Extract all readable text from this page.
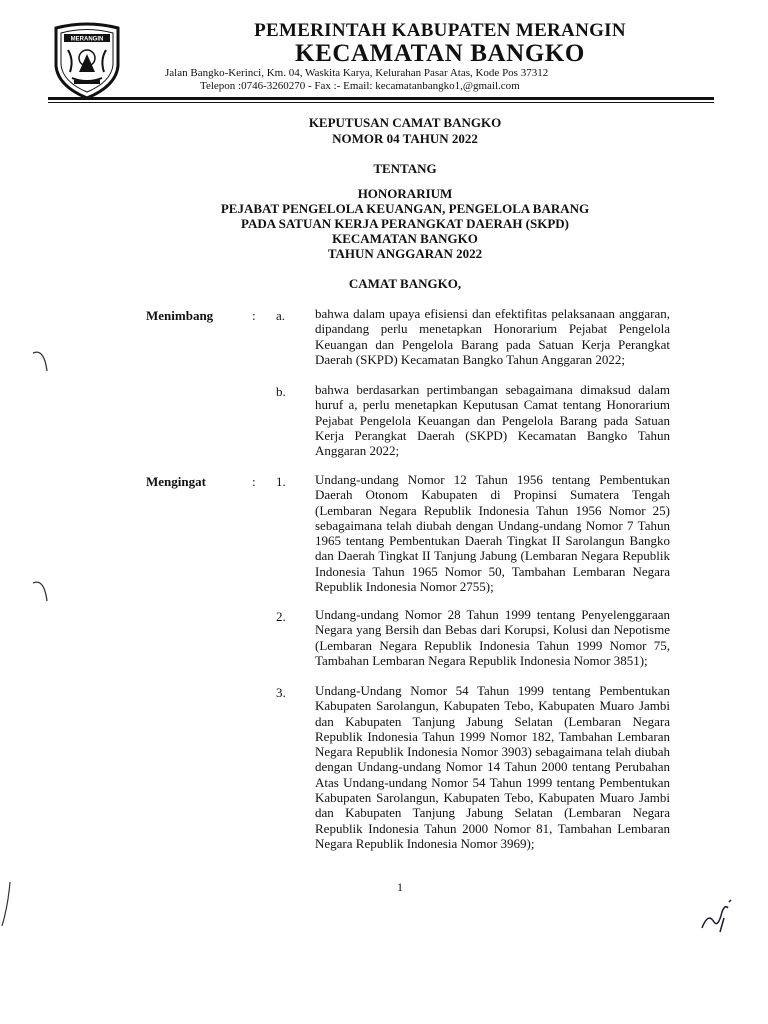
MERANGIN	PEMERINTAH KABUPATEN MERANGIN
KECAMATAN BANGKO
Jalan Bangko-Kerinci, Km. 04, Waskita Karya, Kelurahan Pasar Atas, Kode Pos 37312
Telepon :0746-3260270 - Fax :- Email: kecamatanbangko1,@gmail.com
KEPUTUSAN CAMAT BANGKO
NOMOR 04 TAHUN 2022
TENTANG
HONORARIUM
PEJABAT PENGELOLA KEUANGAN, PENGELOLA BARANG
PADA SATUAN KERJA PERANGKAT DAERAH (SKPD)
KECAMATAN BANGKO
TAHUN ANGGARAN 2022
CAMAT BANGKO,
Menimbang	: a. bahwa dalam upaya efisiensi dan efektifitas pelaksanaan anggaran, dipandang perlu menetapkan Honorarium Pejabat Pengelola Keuangan dan Pengelola Barang pada Satuan Kerja Perangkat Daerah (SKPD) Kecamatan Bangko Tahun Anggaran 2022;
b. bahwa berdasarkan pertimbangan sebagaimana dimaksud dalam huruf a, perlu menetapkan Keputusan Camat tentang Honorarium Pejabat Pengelola Keuangan dan Pengelola Barang pada Satuan Kerja Perangkat Daerah (SKPD) Kecamatan Bangko Tahun Anggaran 2022;
Mengingat	: 1. Undang-undang Nomor 12 Tahun 1956 tentang Pembentukan Daerah Otonom Kabupaten di Propinsi Sumatera Tengah (Lembaran Negara Republik Indonesia Tahun 1956 Nomor 25) sebagaimana telah diubah dengan Undang-undang Nomor 7 Tahun 1965 tentang Pembentukan Daerah Tingkat II Sarolangun Bangko dan Daerah Tingkat II Tanjung Jabung (Lembaran Negara Republik Indonesia Tahun 1965 Nomor 50, Tambahan Lembaran Negara Republik Indonesia Nomor 2755);
2. Undang-undang Nomor 28 Tahun 1999 tentang Penyelenggaraan Negara yang Bersih dan Bebas dari Korupsi, Kolusi dan Nepotisme (Lembaran Negara Republik Indonesia Tahun 1999 Nomor 75, Tambahan Lembaran Negara Republik Indonesia Nomor 3851);
3. Undang-Undang Nomor 54 Tahun 1999 tentang Pembentukan Kabupaten Sarolangun, Kabupaten Tebo, Kabupaten Muaro Jambi dan Kabupaten Tanjung Jabung Selatan (Lembaran Negara Republik Indonesia Tahun 1999 Nomor 182, Tambahan Lembaran Negara Republik Indonesia Nomor 3903) sebagaimana telah diubah dengan Undang-undang Nomor 14 Tahun 2000 tentang Perubahan Atas Undang-undang Nomor 54 Tahun 1999 tentang Pembentukan Kabupaten Sarolangun, Kabupaten Tebo, Kabupaten Muaro Jambi dan Kabupaten Tanjung Jabung Selatan (Lembaran Negara Republik Indonesia Tahun 2000 Nomor 81, Tambahan Lembaran Negara Republik Indonesia Nomor 3969);
1
